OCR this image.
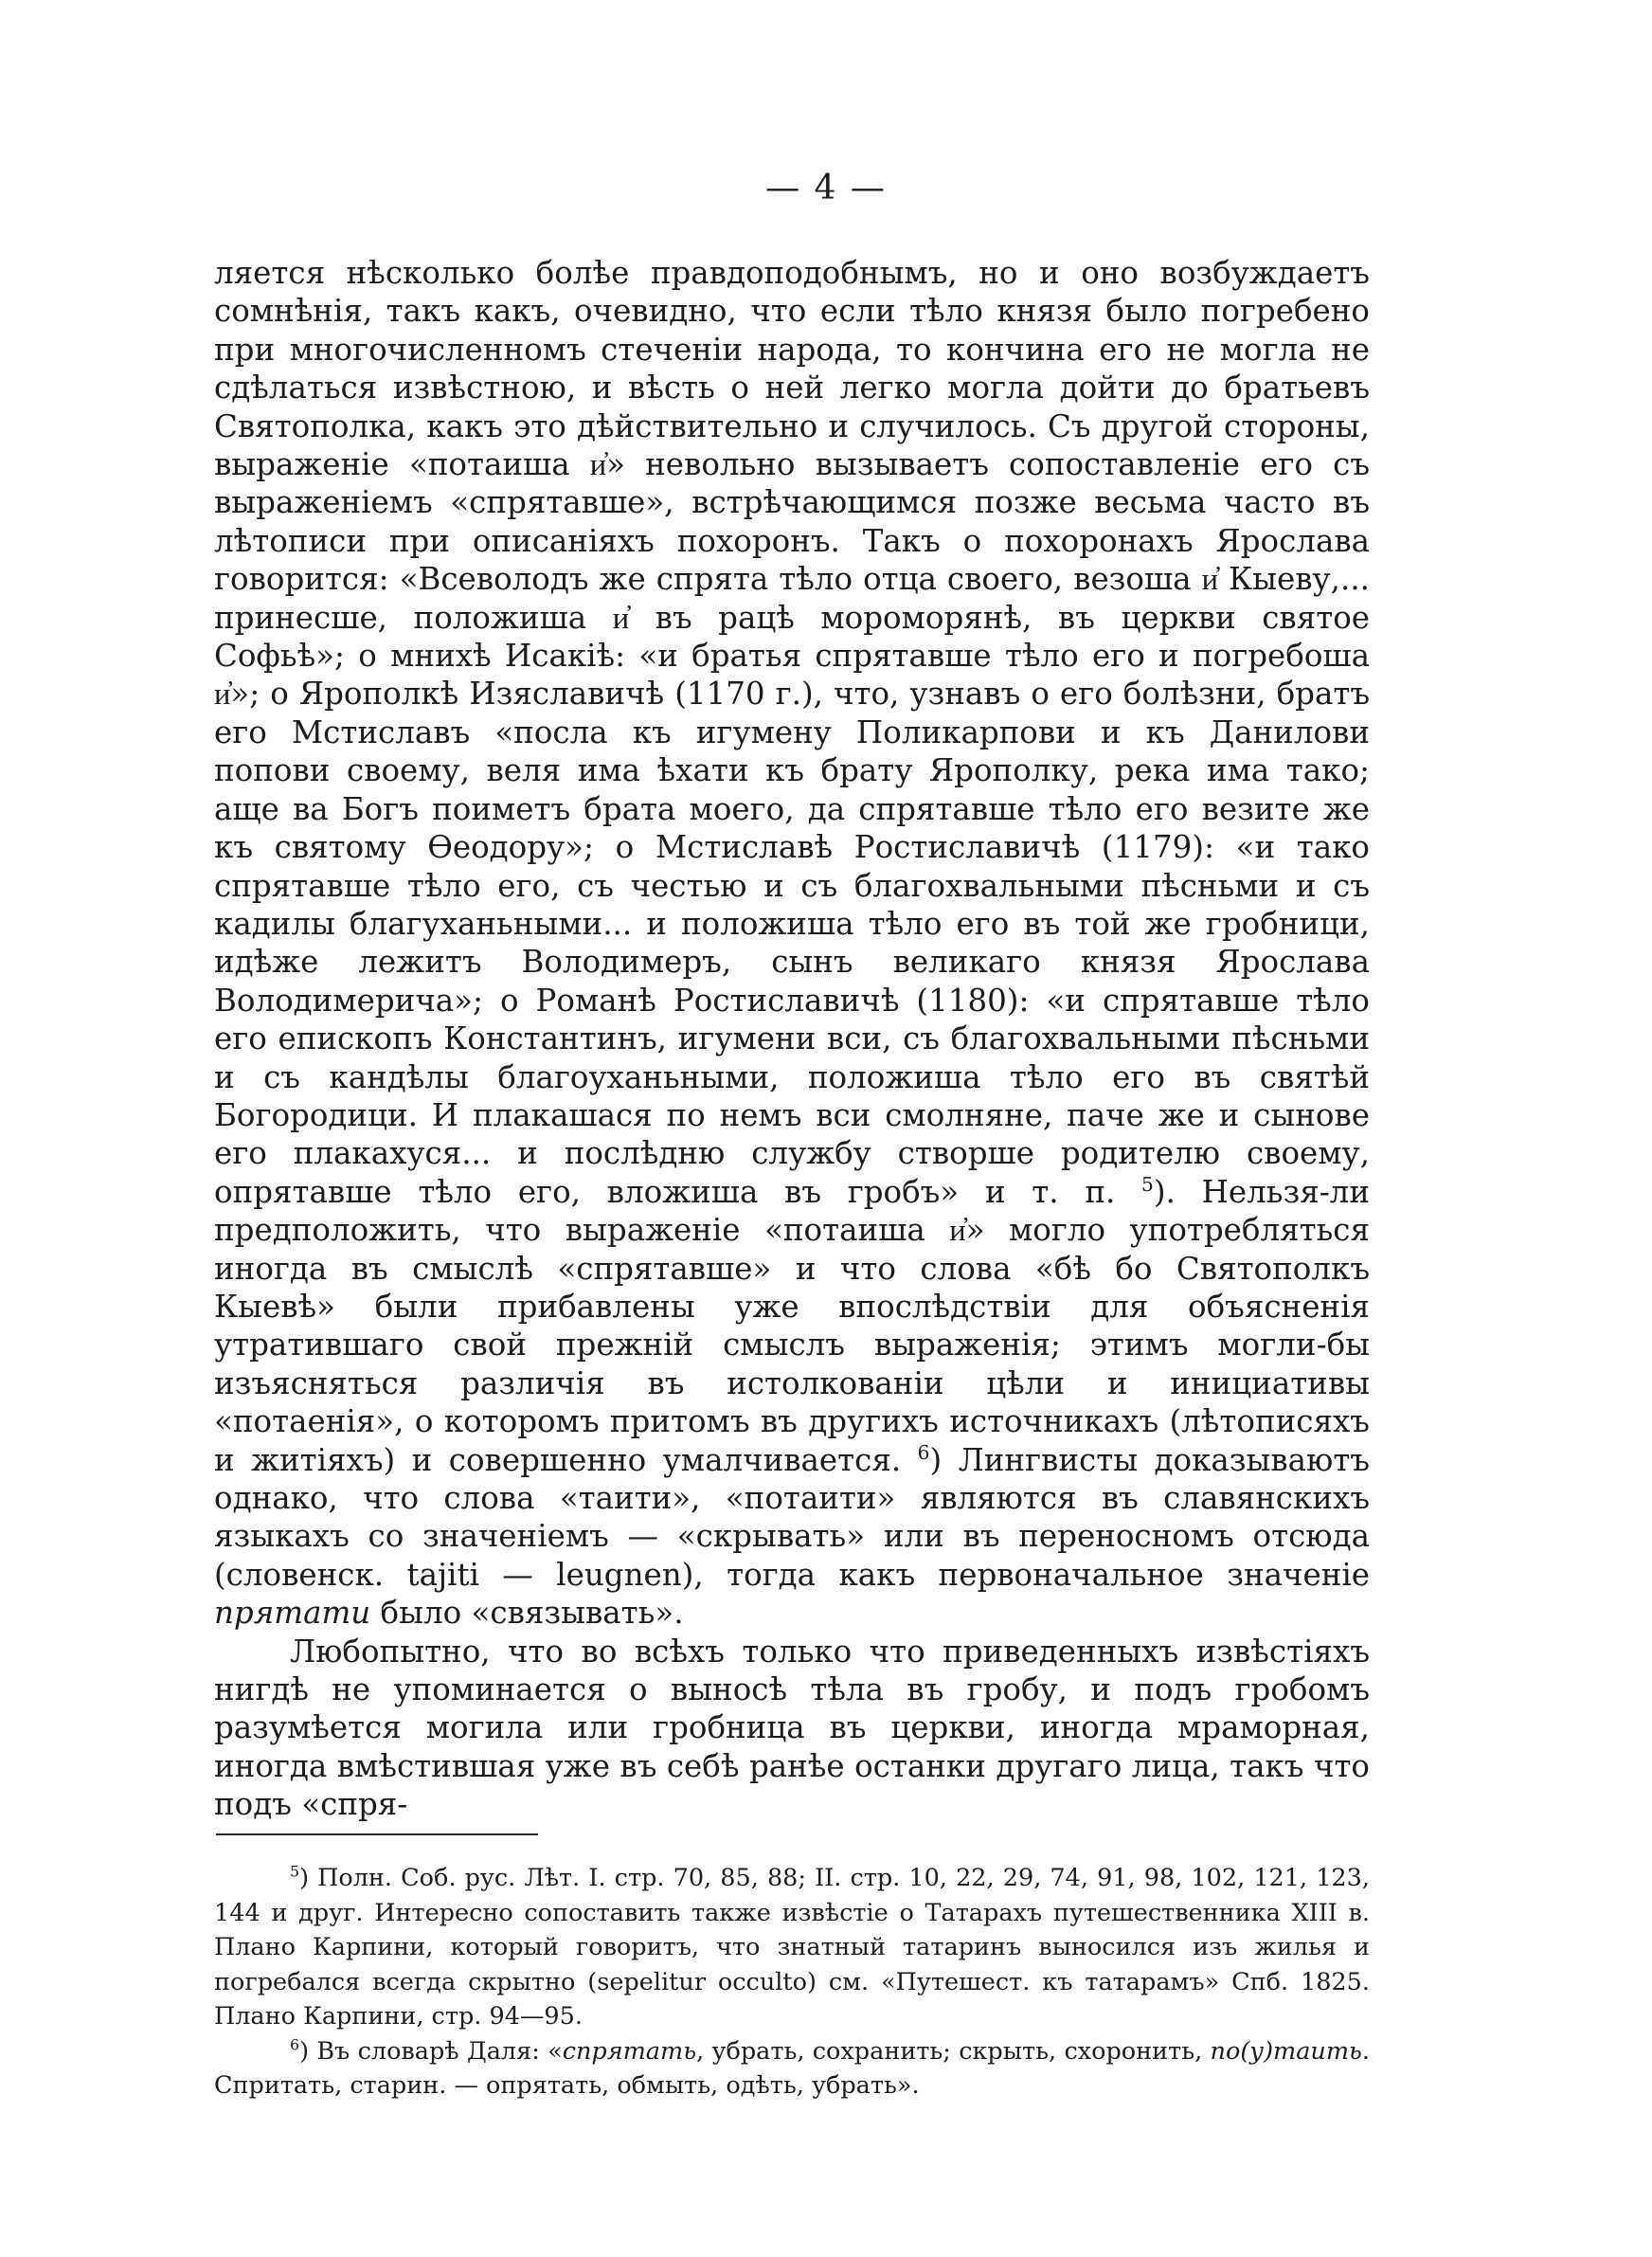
— 4 —

ляется нѣсколько болѣе правдоподобнымъ, но и оно возбуждаетъ сомнѣнія, такъ какъ, очевидно, что если тѣло князя было погребено при многочисленномъ стеченіи народа, то кончина его не могла не сдѣлаться извѣстною, и вѣсть о ней легко могла дойти до братьевъ Святополка, какъ это дѣйствительно и случилось. Съ другой стороны, выраженіе «потаиша и҆» невольно вызываетъ сопоставленіе его съ выраженіемъ «спрятавше», встрѣчающимся позже весьма часто въ лѣтописи при описаніяхъ похоронъ. Такъ о похоронахъ Ярослава говорится: «Всеволодъ же спрята тѣло отца своего, везоша и҆ Кыеву,... принесше, положиша и҆ въ рацѣ мороморянѣ, въ церкви святое Софьѣ»; о мнихѣ Исакіѣ: «и братья спрятавше тѣло его и погребоша и҆»; о Ярополкѣ Изяславичѣ (1170 г.), что, узнавъ о его болѣзни, братъ его Мстиславъ «посла къ игумену Поликарпови и къ Данилови попови своему, веля има ѣхати къ брату Ярополку, река има тако; аще ва Богъ поиметъ брата моего, да спрятавше тѣло его везите же къ святому Ѳеодору»; о Мстиславѣ Ростиславичѣ (1179): «и тако спрятавше тѣло его, съ честью и съ благохвальными пѣсньми и съ кадилы благуханьными... и положиша тѣло его въ той же гробници, идѣже лежитъ Володимеръ, сынъ великаго князя Ярослава Володимерича»; о Романѣ Ростиславичѣ (1180): «и спрятавше тѣло его епископъ Константинъ, игумени вси, съ благохвальными пѣсньми и съ кандѣлы благоуханьными, положиша тѣло его въ святѣй Богородици. И плакашася по немъ вси смолняне, паче же и сынове его плакахуся... и послѣдню службу створше родителю своему, опрятавше тѣло его, вложиша въ гробъ» и т. п. $^5$). Нельзя-ли предположить, что выраженіе «потаиша и҆» могло употребляться иногда въ смыслѣ «спрятавше» и что слова «бѣ бо Святополкъ Кыевѣ» были прибавлены уже впослѣдствіи для объясненія утратившаго свой прежній смыслъ выраженія; этимъ могли-бы изъясняться различія въ истолкованіи цѣли и инициативы «потаенія», о которомъ притомъ въ другихъ источникахъ (лѣтописяхъ и житіяхъ) и совершенно умалчивается. $^6$) Лингвисты доказываютъ однако, что слова «таити», «потаити» являются въ славянскихъ языкахъ со значеніемъ — «скрывать» или въ переносномъ отсюда (словенск. tajiti — leugnen), тогда какъ первоначальное значеніе прятати было «связывать».

Любопытно, что во всѣхъ только что приведенныхъ извѣстіяхъ нигдѣ не упоминается о выносѣ тѣла въ гробу, и подъ гробомъ разумѣется могила или гробница въ церкви, иногда мраморная, иногда вмѣстившая уже въ себѣ ранѣе останки другаго лица, такъ что подъ «спря-

$^5$) Полн. Соб. рус. Лѣт. I. стр. 70, 85, 88; II. стр. 10, 22, 29, 74, 91, 98, 102, 121, 123, 144 и друг. Интересно сопоставить также извѣстіе о Татарахъ путешественника XIII в. Плано Карпини, который говоритъ, что знатный татаринъ выносился изъ жилья и погребался всегда скрытно (sepelitur occulto) см. «Путешест. къ татарамъ» Спб. 1825. Плано Карпини, стр. 94—95.

$^6$) Въ словарѣ Даля: «спрятать, убрать, сохранить; скрыть, схоронить, по(у)таить. Спритать, старин. — опрятать, обмыть, одѣть, убрать».
